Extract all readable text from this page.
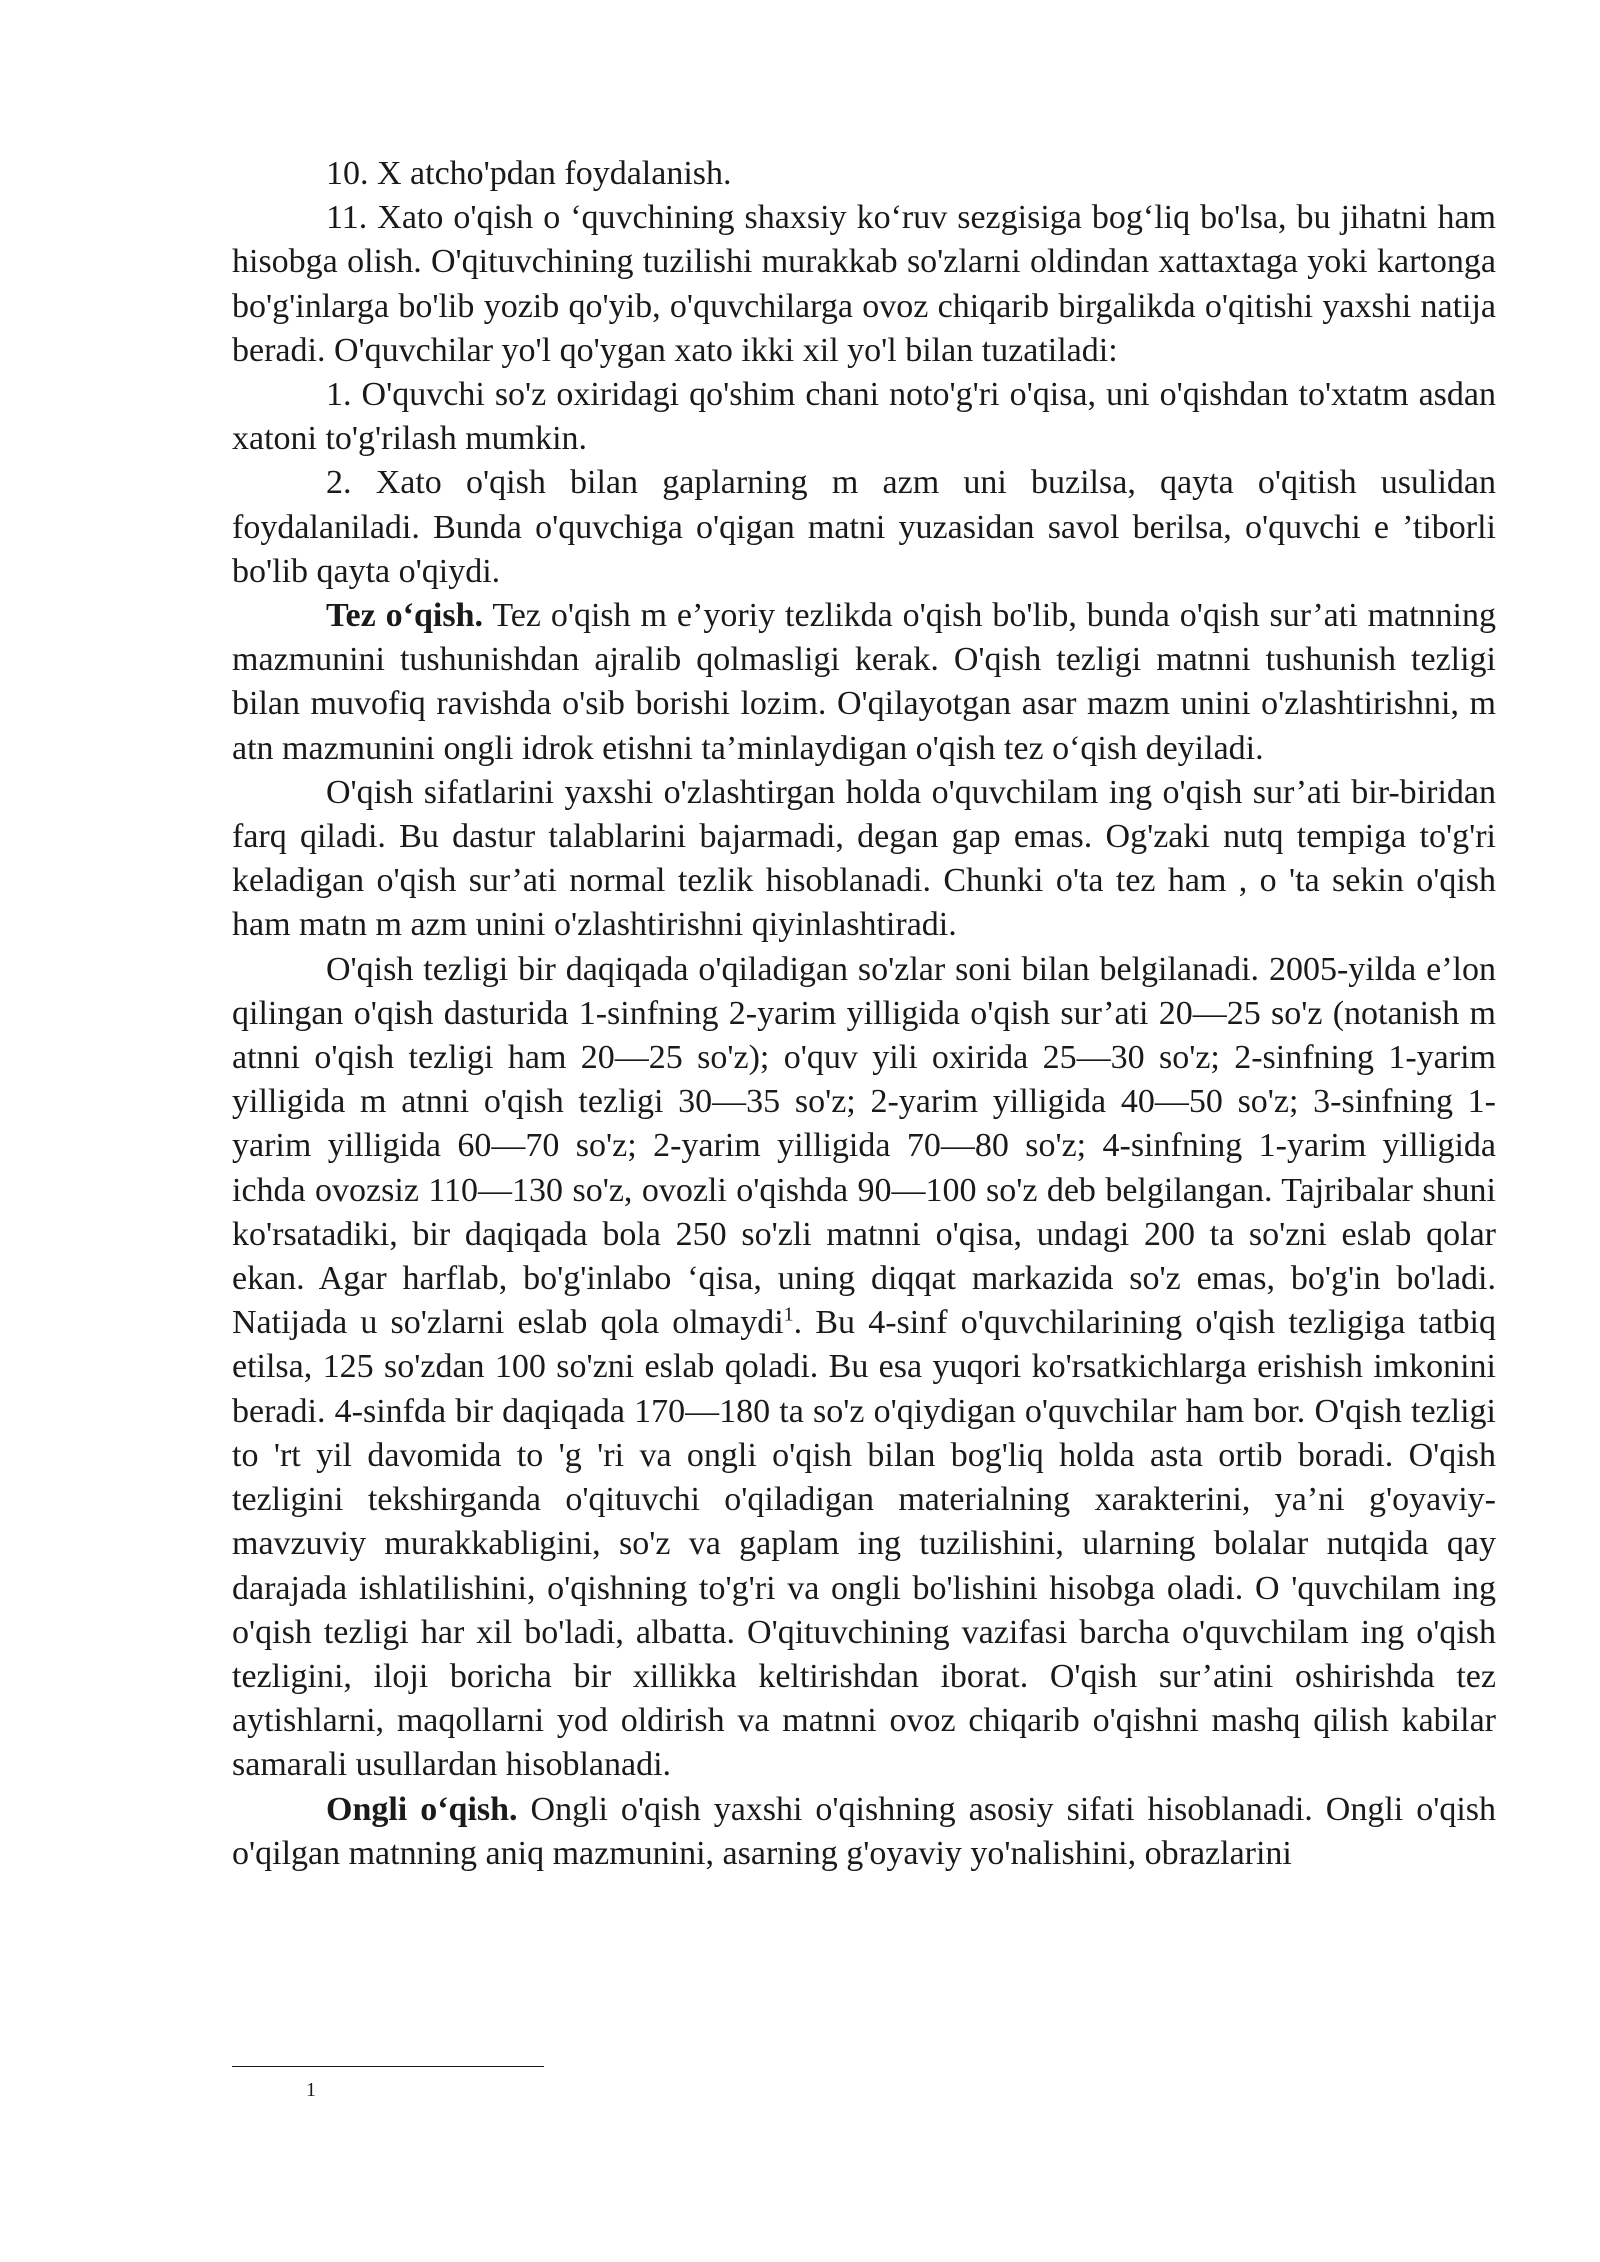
10. X atcho'pdan foydalanish.

11. Xato o'qish o ‘quvchining shaxsiy ko‘ruv sezgisiga bog‘liq bo'lsa, bu jihatni ham hisobga olish. O'qituvchining tuzilishi murakkab so'zlarni oldindan xattaxtaga yoki kartonga bo'g'inlarga bo'lib yozib qo'yib, o'quvchilarga ovoz chiqarib birgalikda o'qitishi yaxshi natija beradi. O'quvchilar yo'l qo'ygan xato ikki xil yo'l bilan tuzatiladi:

1. O'quvchi so'z oxiridagi qo'shim chani noto'g'ri o'qisa, uni o'qishdan to'xtatm asdan xatoni to'g'rilash mumkin.

2. Xato o'qish bilan gaplarning m azm uni buzilsa, qayta o'qitish usulidan foydalaniladi. Bunda o'quvchiga o'qigan matni yuzasidan savol berilsa, o'quvchi e ’tiborli bo'lib qayta o'qiydi.

Tez o‘qish. Tez o'qish m e’yoriy tezlikda o'qish bo'lib, bunda o'qish sur’ati matnning mazmunini tushunishdan ajralib qolmasligi kerak. O'qish tezligi matnni tushunish tezligi bilan muvofiq ravishda o'sib borishi lozim. O'qilayotgan asar mazm unini o'zlashtirishni, m atn mazmunini ongli idrok etishni ta’minlaydigan o'qish tez o‘qish deyiladi.

O'qish sifatlarini yaxshi o'zlashtirgan holda o'quvchilam ing o'qish sur’ati bir-biridan farq qiladi. Bu dastur talablarini bajarmadi, degan gap emas. Og'zaki nutq tempiga to'g'ri keladigan o'qish sur’ati normal tezlik hisoblanadi. Chunki o'ta tez ham , o 'ta sekin o'qish ham matn m azm unini o'zlashtirishni qiyinlashtiradi.

O'qish tezligi bir daqiqada o'qiladigan so'zlar soni bilan belgilanadi. 2005-yilda e’lon qilingan o'qish dasturida 1-sinfning 2-yarim yilligida o'qish sur’ati 20—25 so'z (notanish m atnni o'qish tezligi ham 20—25 so'z); o'quv yili oxirida 25—30 so'z; 2-sinfning 1-yarim yilligida m atnni o'qish tezligi 30—35 so'z; 2-yarim yilligida 40—50 so'z; 3-sinfning 1-yarim yilligida 60—70 so'z; 2-yarim yilligida 70—80 so'z; 4-sinfning 1-yarim yilligida ichda ovozsiz 110—130 so'z, ovozli o'qishda 90—100 so'z deb belgilangan. Tajribalar shuni ko'rsatadiki, bir daqiqada bola 250 so'zli matnni o'qisa, undagi 200 ta so'zni eslab qolar ekan. Agar harflab, bo'g'inlabo ‘qisa, uning diqqat markazida so'z emas, bo'g'in bo'ladi. Natijada u so'zlarni eslab qola olmaydi$^1$. Bu 4-sinf o'quvchilarining o'qish tezligiga tatbiq etilsa, 125 so'zdan 100 so'zni eslab qoladi. Bu esa yuqori ko'rsatkichlarga erishish imkonini beradi. 4-sinfda bir daqiqada 170—180 ta so'z o'qiydigan o'quvchilar ham bor. O'qish tezligi to 'rt yil davomida to 'g 'ri va ongli o'qish bilan bog'liq holda asta ortib boradi. O'qish tezligini tekshirganda o'qituvchi o'qiladigan materialning xarakterini, ya’ni g'oyaviy-mavzuviy murakkabligini, so'z va gaplam ing tuzilishini, ularning bolalar nutqida qay darajada ishlatilishini, o'qishning to'g'ri va ongli bo'lishini hisobga oladi. O 'quvchilam ing o'qish tezligi har xil bo'ladi, albatta. O'qituvchining vazifasi barcha o'quvchilam ing o'qish tezligini, iloji boricha bir xillikka keltirishdan iborat. O'qish sur’atini oshirishda tez aytishlarni, maqollarni yod oldirish va matnni ovoz chiqarib o'qishni mashq qilish kabilar samarali usullardan hisoblanadi.

Ongli o‘qish. Ongli o'qish yaxshi o'qishning asosiy sifati hisoblanadi. Ongli o'qish o'qilgan matnning aniq mazmunini, asarning g'oyaviy yo'nalishini, obrazlarini

1
